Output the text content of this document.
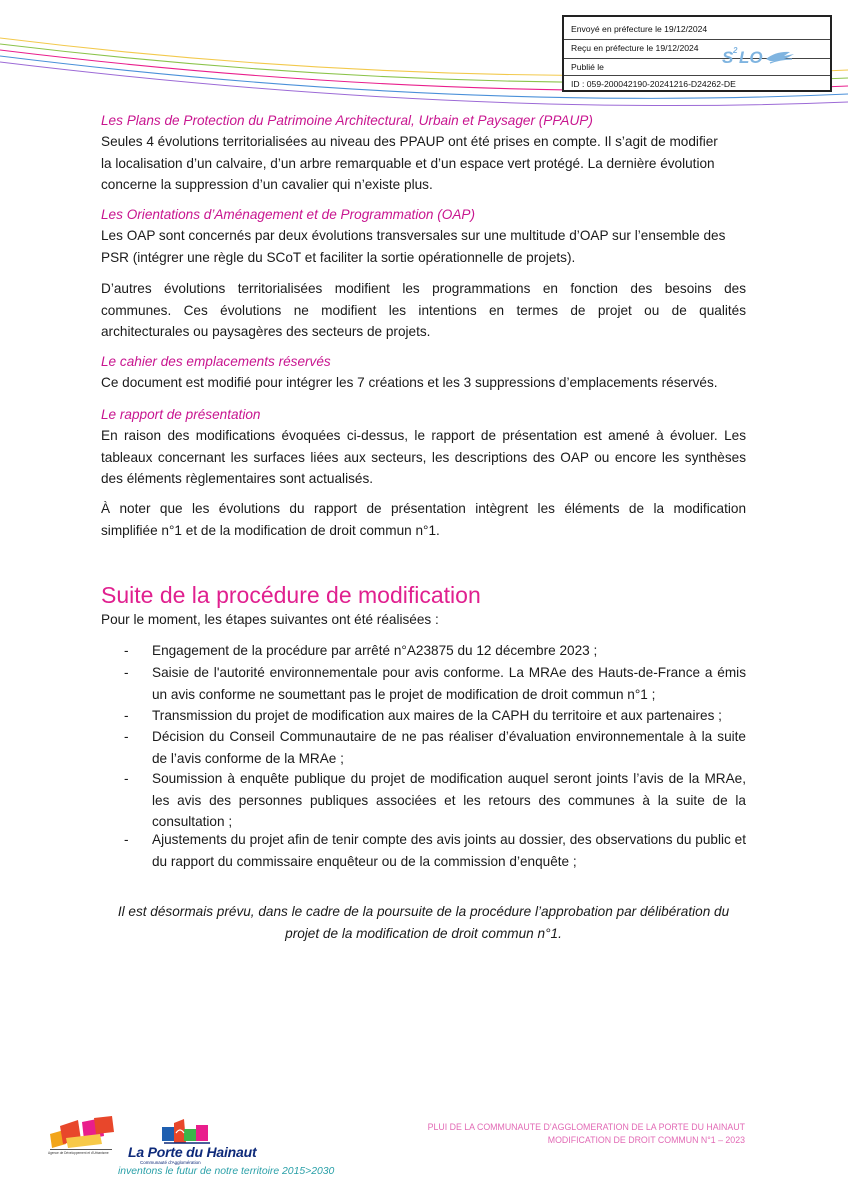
Envoyé en préfecture le 19/12/2024
Reçu en préfecture le 19/12/2024
Publié le
ID : 059-200042190-20241216-D24262-DE
S 2 LO
Les Plans de Protection du Patrimoine Architectural, Urbain et Paysager (PPAUP)
Seules 4 évolutions territorialisées au niveau des PPAUP ont été prises en compte. Il s’agit de modifier
la localisation d’un calvaire, d’un arbre remarquable et d’un espace vert protégé. La dernière évolution
concerne la suppression d’un cavalier qui n’existe plus.
Les Orientations d’Aménagement et de Programmation (OAP)
Les OAP sont concernés par deux évolutions transversales sur une multitude d’OAP sur l’ensemble des
PSR (intégrer une règle du SCoT et faciliter la sortie opérationnelle de projets).
D’autres évolutions territorialisées modifient les programmations en fonction des besoins des
communes. Ces évolutions ne modifient les intentions en termes de projet ou de qualités
architecturales ou paysagères des secteurs de projets.
Le cahier des emplacements réservés
Ce document est modifié pour intégrer les 7 créations et les 3 suppressions d’emplacements réservés.
Le rapport de présentation
En raison des modifications évoquées ci-dessus, le rapport de présentation est amené à évoluer. Les
tableaux concernant les surfaces liées aux secteurs, les descriptions des OAP ou encore les synthèses
des éléments règlementaires sont actualisés.
À noter que les évolutions du rapport de présentation intègrent les éléments de la modification
simplifiée n°1 et de la modification de droit commun n°1.
Suite de la procédure de modification
Pour le moment, les étapes suivantes ont été réalisées :
- Engagement de la procédure par arrêté n°A23875 du 12 décembre 2023 ;
- Saisie de l'autorité environnementale pour avis conforme. La MRAe des Hauts-de-France a émis un avis conforme ne soumettant pas le projet de modification de droit commun n°1 ;
- Transmission du projet de modification aux maires de la CAPH du territoire et aux partenaires ;
- Décision du Conseil Communautaire de ne pas réaliser d’évaluation environnementale à la suite de l’avis conforme de la MRAe ;
- Soumission à enquête publique du projet de modification auquel seront joints l’avis de la MRAe, les avis des personnes publiques associées et les retours des communes à la suite de la consultation ;
- Ajustements du projet afin de tenir compte des avis joints au dossier, des observations du public et du rapport du commissaire enquêteur ou de la commission d’enquête ;
Il est désormais prévu, dans le cadre de la poursuite de la procédure l’approbation par délibération du projet de la modification de droit commun n°1.
Agence de Développement et d'Urbanisme La Porte du Hainaut
Communauté d'Agglomération
inventons le futur de notre territoire 2015>2030
PLUI DE LA COMMUNAUTE D’AGGLOMERATION DE LA PORTE DU HAINAUT
MODIFICATION DE DROIT COMMUN N°1 – 2023
